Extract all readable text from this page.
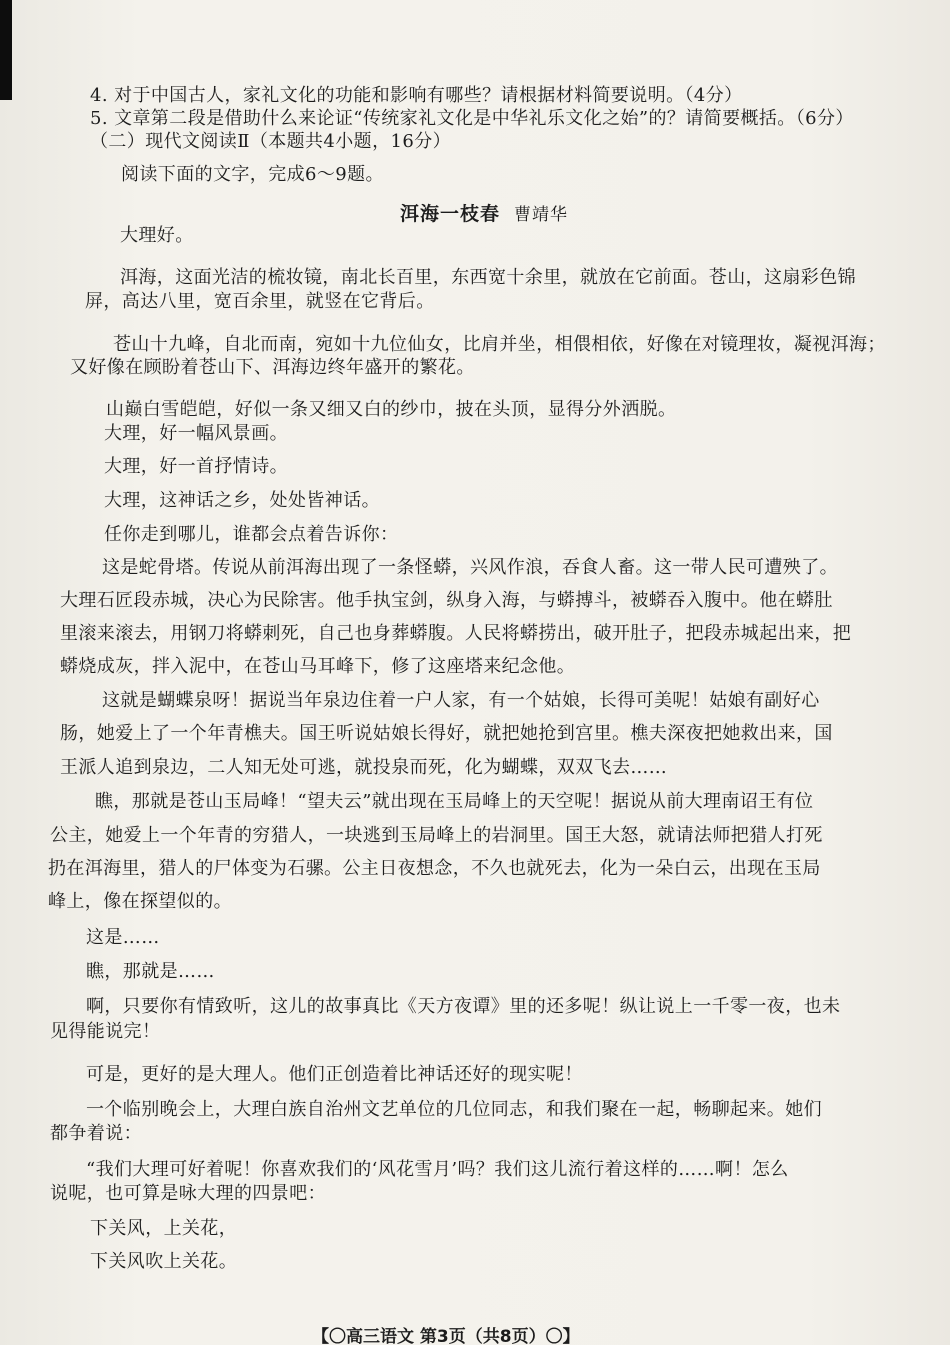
4. 对于中国古人，家礼文化的功能和影响有哪些？请根据材料简要说明。（4分）
5. 文章第二段是借助什么来论证“传统家礼文化是中华礼乐文化之始”的？请简要概括。（6分）
（二）现代文阅读Ⅱ（本题共4小题，16分）
阅读下面的文字，完成6～9题。
洱海一枝春 曹靖华
大理好。
洱海，这面光洁的梳妆镜，南北长百里，东西宽十余里，就放在它前面。苍山，这扇彩色锦
屏，高达八里，宽百余里，就竖在它背后。
苍山十九峰，自北而南，宛如十九位仙女，比肩并坐，相偎相依，好像在对镜理妆，凝视洱海；
又好像在顾盼着苍山下、洱海边终年盛开的繁花。
山巅白雪皑皑，好似一条又细又白的纱巾，披在头顶，显得分外洒脱。
大理，好一幅风景画。
大理，好一首抒情诗。
大理，这神话之乡，处处皆神话。
任你走到哪儿，谁都会点着告诉你：
这是蛇骨塔。传说从前洱海出现了一条怪蟒，兴风作浪，吞食人畜。这一带人民可遭殃了。
大理石匠段赤城，决心为民除害。他手执宝剑，纵身入海，与蟒搏斗，被蟒吞入腹中。他在蟒肚
里滚来滚去，用钢刀将蟒刺死，自己也身葬蟒腹。人民将蟒捞出，破开肚子，把段赤城起出来，把
蟒烧成灰，拌入泥中，在苍山马耳峰下，修了这座塔来纪念他。
这就是蝴蝶泉呀！据说当年泉边住着一户人家，有一个姑娘，长得可美呢！姑娘有副好心
肠，她爱上了一个年青樵夫。国王听说姑娘长得好，就把她抢到宫里。樵夫深夜把她救出来，国
王派人追到泉边，二人知无处可逃，就投泉而死，化为蝴蝶，双双飞去……
瞧，那就是苍山玉局峰！“望夫云”就出现在玉局峰上的天空呢！据说从前大理南诏王有位
公主，她爱上一个年青的穷猎人，一块逃到玉局峰上的岩洞里。国王大怒，就请法师把猎人打死
扔在洱海里，猎人的尸体变为石骡。公主日夜想念，不久也就死去，化为一朵白云，出现在玉局
峰上，像在探望似的。
这是……
瞧，那就是……
啊，只要你有情致听，这儿的故事真比《天方夜谭》里的还多呢！纵让说上一千零一夜，也未
见得能说完！
可是，更好的是大理人。他们正创造着比神话还好的现实呢！
一个临别晚会上，大理白族自治州文艺单位的几位同志，和我们聚在一起，畅聊起来。她们
都争着说：
“我们大理可好着呢！你喜欢我们的‘风花雪月’吗？我们这儿流行着这样的……啊！怎么
说呢，也可算是咏大理的四景吧：
下关风，上关花，
下关风吹上关花。
【〇高三语文 第3页（共8页）〇】
